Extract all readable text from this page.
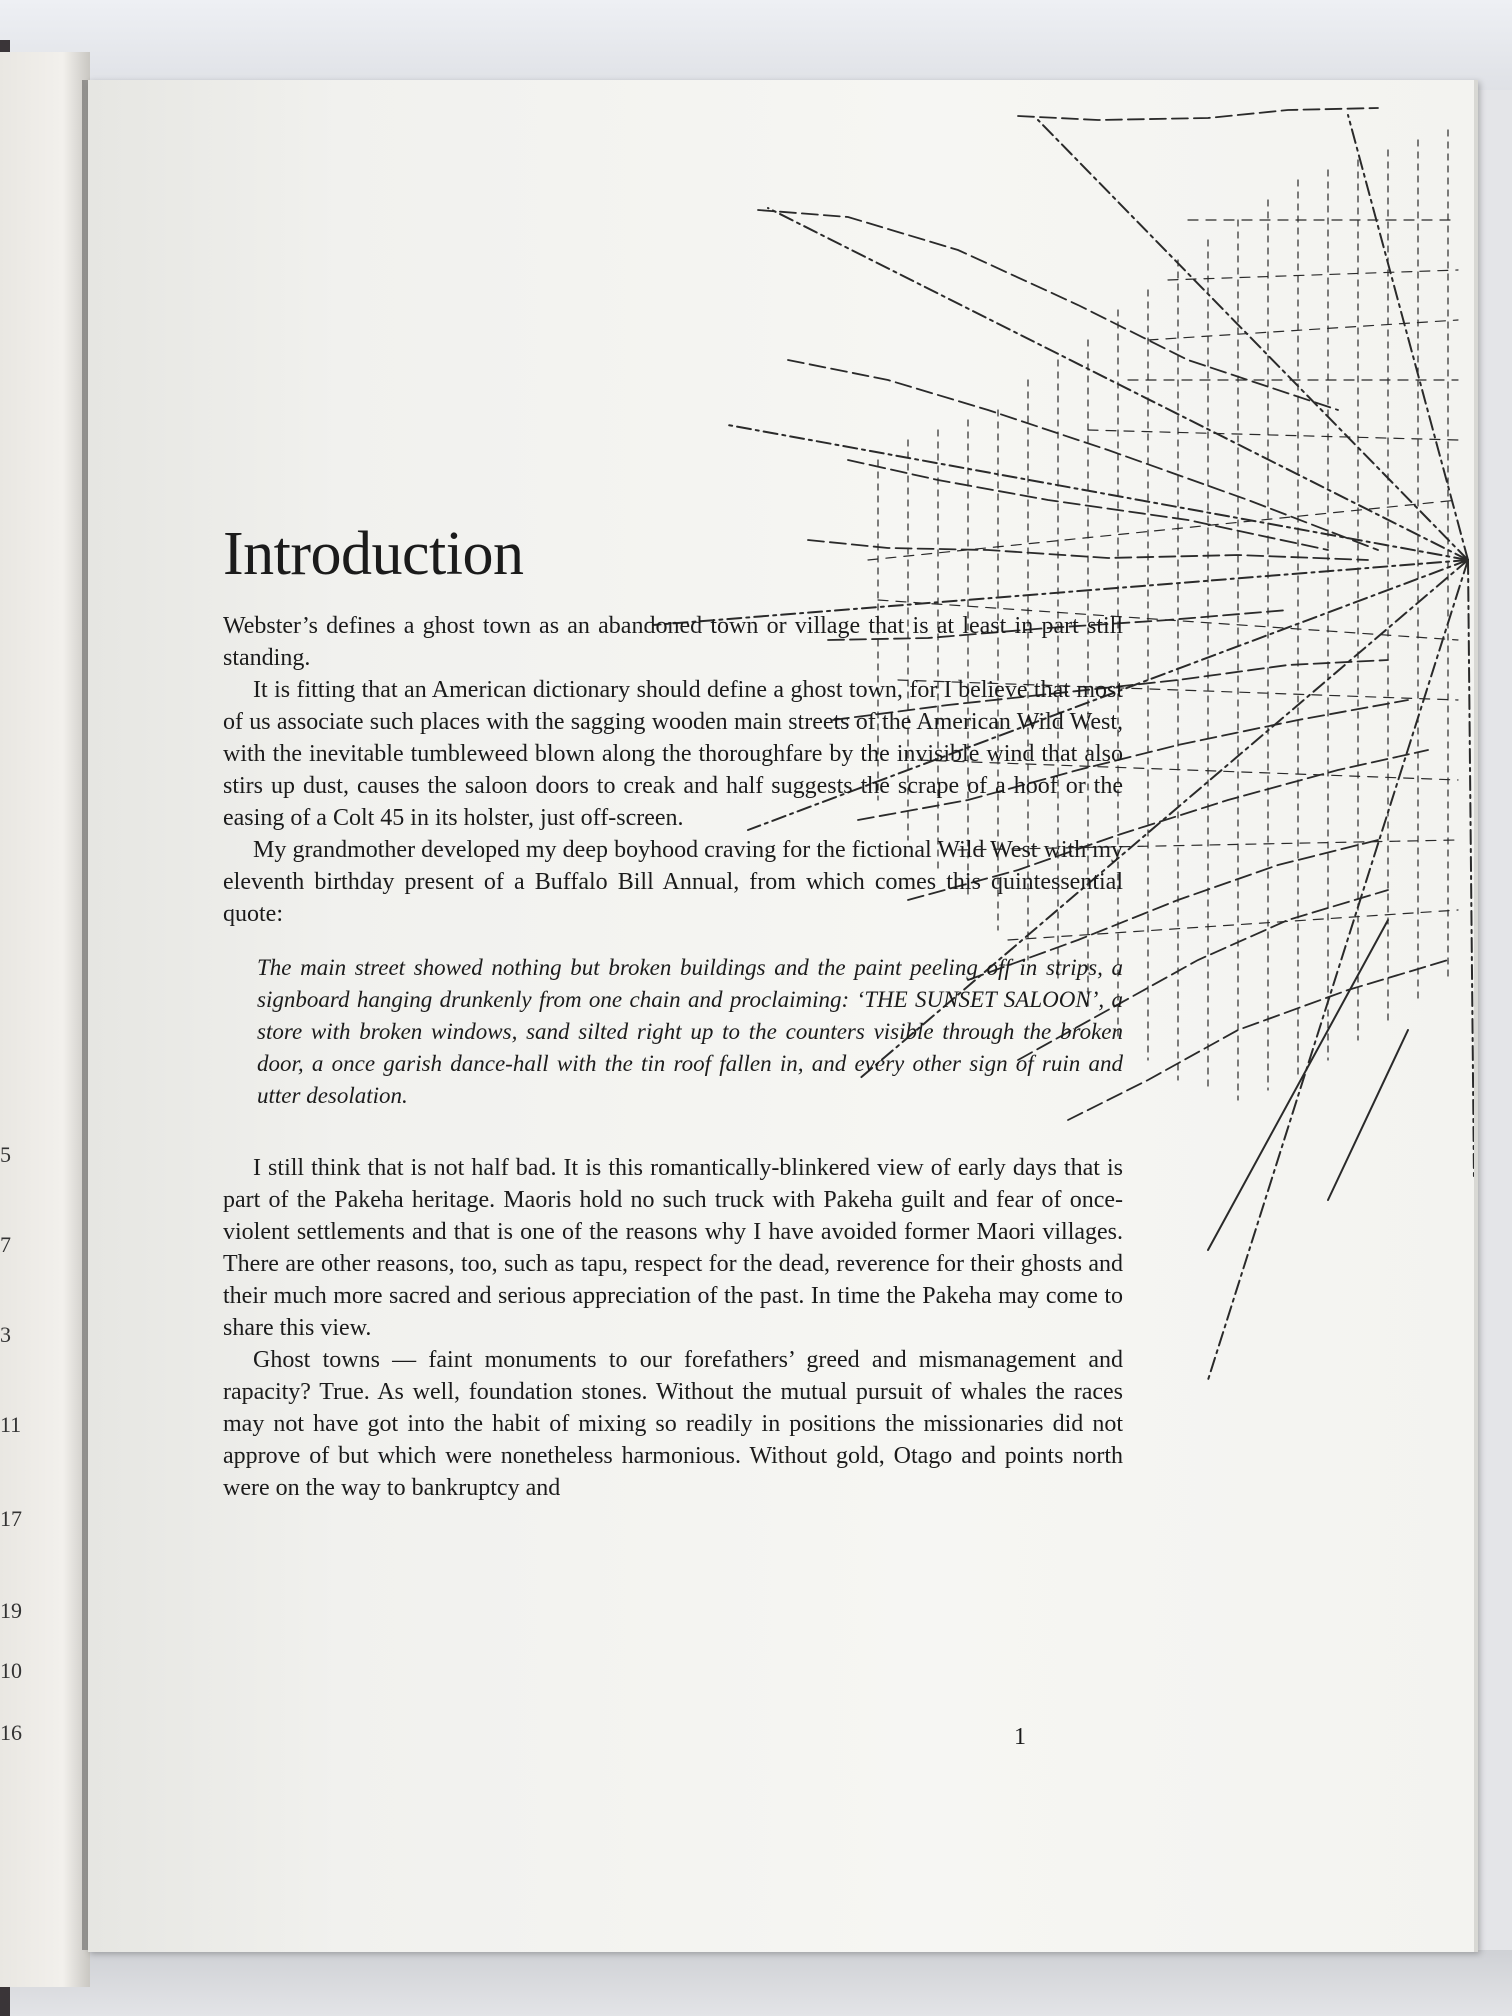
5
7
3
11
17
19
10
16
Introduction

Webster’s defines a ghost town as an abandoned town or village that is at least in part still standing.

It is fitting that an American dictionary should define a ghost town, for I believe that most of us associate such places with the sagging wooden main streets of the American Wild West, with the inevitable tumbleweed blown along the thoroughfare by the invisible wind that also stirs up dust, causes the saloon doors to creak and half suggests the scrape of a hoof or the easing of a Colt 45 in its holster, just off-screen.

My grandmother developed my deep boyhood craving for the fictional Wild West with my eleventh birthday present of a Buffalo Bill Annual, from which comes this quintessential quote:

The main street showed nothing but broken buildings and the paint peeling off in strips, a signboard hanging drunkenly from one chain and proclaiming: ‘THE SUNSET SALOON’, a store with broken windows, sand silted right up to the counters visible through the broken door, a once garish dance-hall with the tin roof fallen in, and every other sign of ruin and utter desolation.

I still think that is not half bad. It is this romantically-blinkered view of early days that is part of the Pakeha heritage. Maoris hold no such truck with Pakeha guilt and fear of once-violent settlements and that is one of the reasons why I have avoided former Maori villages. There are other reasons, too, such as tapu, respect for the dead, reverence for their ghosts and their much more sacred and serious appreciation of the past. In time the Pakeha may come to share this view.

Ghost towns — faint monuments to our forefathers’ greed and mismanagement and rapacity? True. As well, foundation stones. Without the mutual pursuit of whales the races may not have got into the habit of mixing so readily in positions the missionaries did not approve of but which were nonetheless harmonious. Without gold, Otago and points north were on the way to bankruptcy and

1
